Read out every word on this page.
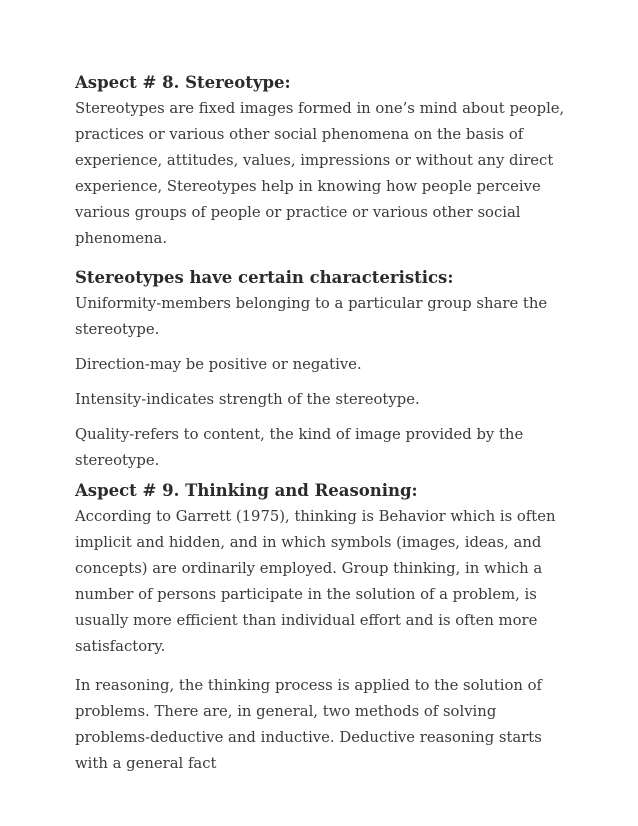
Aspect # 8. Stereotype:

Stereotypes are fixed images formed in one’s mind about people, practices or various other social phenomena on the basis of experience, attitudes, values, impressions or without any direct experience, Stereotypes help in knowing how people perceive various groups of people or practice or various other social phenomena.

Stereotypes have certain characteristics:

Uniformity-members belonging to a particular group share the stereotype.

Direction-may be positive or negative.

Intensity-indicates strength of the stereotype.

Quality-refers to content, the kind of image provided by the stereotype.

Aspect # 9. Thinking and Reasoning:

According to Garrett (1975), thinking is Behavior which is often implicit and hidden, and in which symbols (images, ideas, and concepts) are ordinarily employed. Group thinking, in which a number of persons participate in the solution of a problem, is usually more efficient than individual effort and is often more satisfactory.

In reasoning, the thinking process is applied to the solution of problems. There are, in general, two methods of solving problems-deductive and inductive. Deductive reasoning starts with a general fact
